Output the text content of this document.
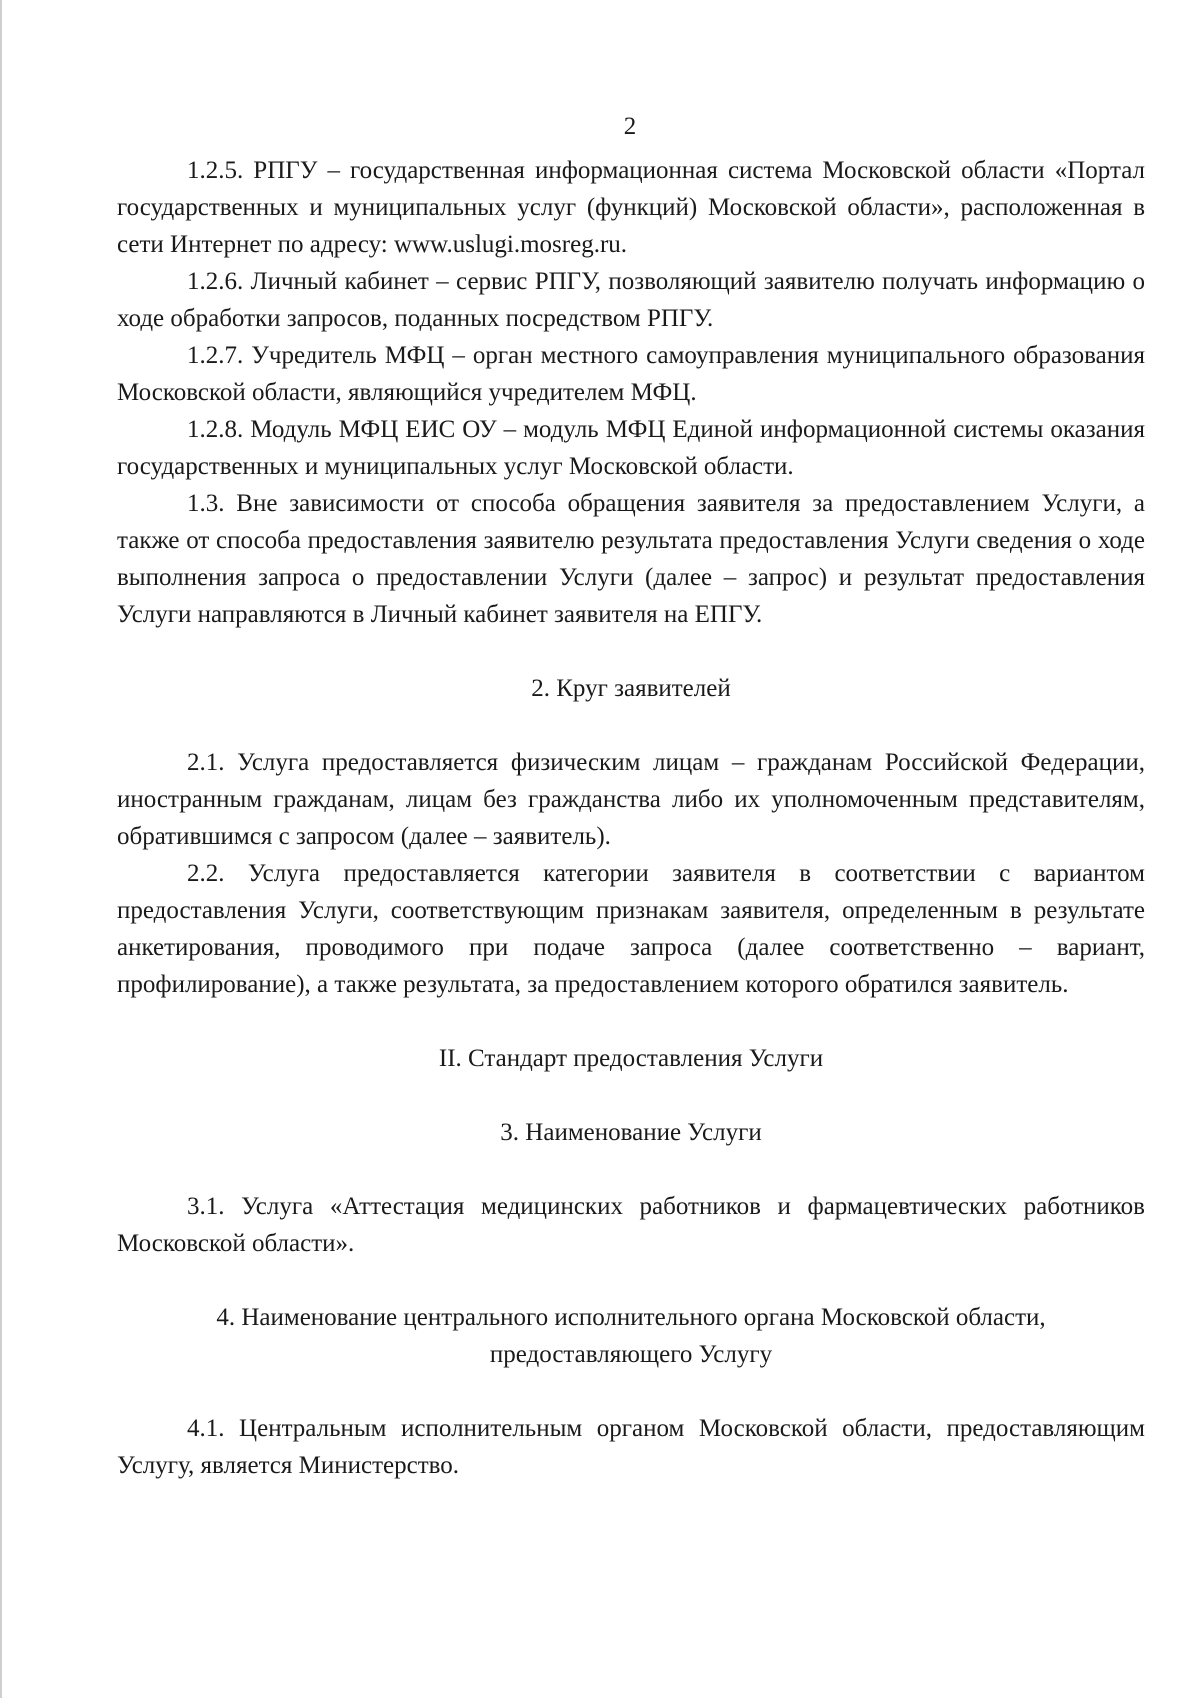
2

1.2.5. РПГУ – государственная информационная система Московской области «Портал государственных и муниципальных услуг (функций) Московской области», расположенная в сети Интернет по адресу: www.uslugi.mosreg.ru.

1.2.6. Личный кабинет – сервис РПГУ, позволяющий заявителю получать информацию о ходе обработки запросов, поданных посредством РПГУ.

1.2.7. Учредитель МФЦ – орган местного самоуправления муниципального образования Московской области, являющийся учредителем МФЦ.

1.2.8. Модуль МФЦ ЕИС ОУ – модуль МФЦ Единой информационной системы оказания государственных и муниципальных услуг Московской области.

1.3. Вне зависимости от способа обращения заявителя за предоставлением Услуги, а также от способа предоставления заявителю результата предоставления Услуги сведения о ходе выполнения запроса о предоставлении Услуги (далее – запрос) и результат предоставления Услуги направляются в Личный кабинет заявителя на ЕПГУ.

2. Круг заявителей

2.1. Услуга предоставляется физическим лицам – гражданам Российской Федерации, иностранным гражданам, лицам без гражданства либо их уполномоченным представителям, обратившимся с запросом (далее – заявитель).

2.2. Услуга предоставляется категории заявителя в соответствии с вариантом предоставления Услуги, соответствующим признакам заявителя, определенным в результате анкетирования, проводимого при подаче запроса (далее соответственно – вариант, профилирование), а также результата, за предоставлением которого обратился заявитель.

II. Стандарт предоставления Услуги

3. Наименование Услуги

3.1. Услуга «Аттестация медицинских работников и фармацевтических работников Московской области».

4. Наименование центрального исполнительного органа Московской области,

предоставляющего Услугу

4.1. Центральным исполнительным органом Московской области, предоставляющим Услугу, является Министерство.
